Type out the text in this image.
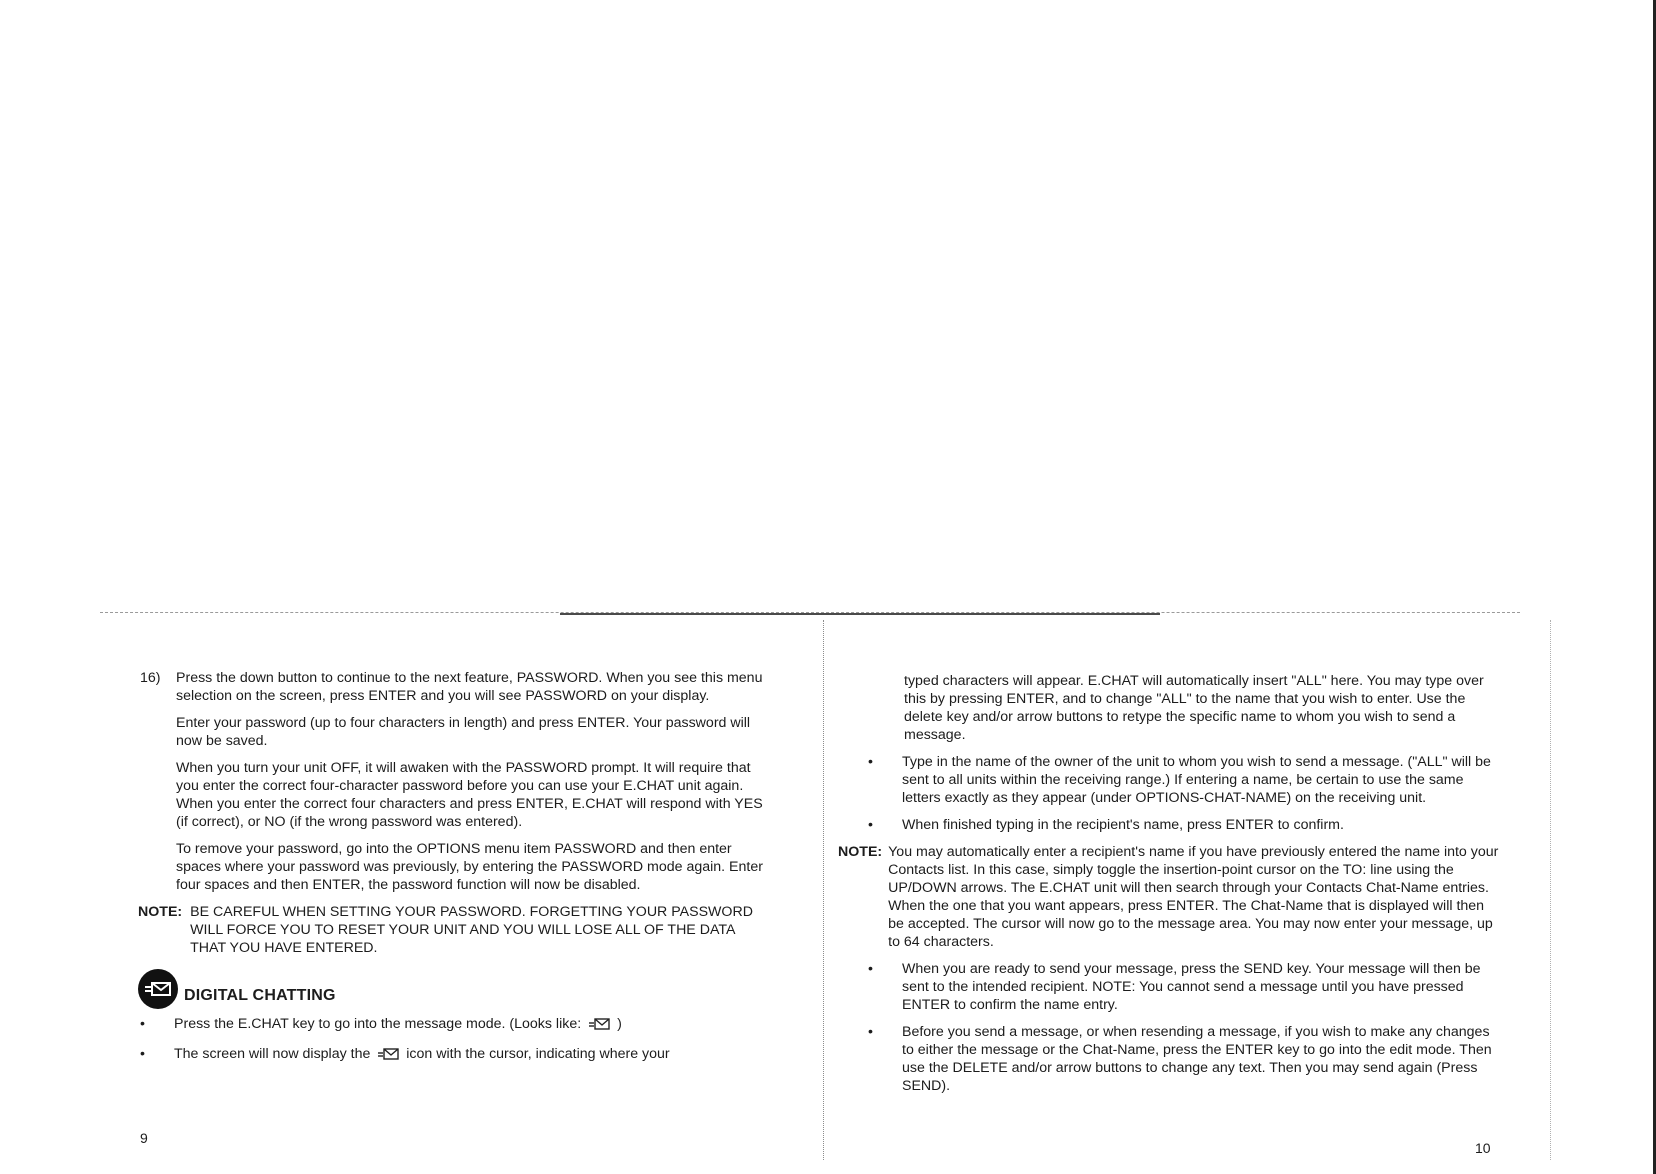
16)	Press the down button to continue to the next feature, PASSWORD. When you see this menu selection on the screen, press ENTER and you will see PASSWORD on your display.

Enter your password (up to four characters in length) and press ENTER. Your password will now be saved.

When you turn your unit OFF, it will awaken with the PASSWORD prompt. It will require that you enter the correct four-character password before you can use your E.CHAT unit again. When you enter the correct four characters and press ENTER, E.CHAT will respond with YES (if correct), or NO (if the wrong password was entered).

To remove your password, go into the OPTIONS menu item PASSWORD and then enter spaces where your password was previously, by entering the PASSWORD mode again. Enter four spaces and then ENTER, the password function will now be disabled.

NOTE: BE CAREFUL WHEN SETTING YOUR PASSWORD. FORGETTING YOUR PASSWORD WILL FORCE YOU TO RESET YOUR UNIT AND YOU WILL LOSE ALL OF THE DATA THAT YOU HAVE ENTERED.
DIGITAL CHATTING
• Press the E.CHAT key to go into the message mode. (Looks like:	)
• The screen will now display the	icon with the cursor, indicating where your
9

typed characters will appear. E.CHAT will automatically insert "ALL" here. You may type over this by pressing ENTER, and to change "ALL" to the name that you wish to enter. Use the delete key and/or arrow buttons to retype the specific name to whom you wish to send a message.

• Type in the name of the owner of the unit to whom you wish to send a message. ("ALL" will be sent to all units within the receiving range.) If entering a name, be certain to use the same letters exactly as they appear (under OPTIONS-CHAT-NAME) on the receiving unit.
• When finished typing in the recipient's name, press ENTER to confirm.
NOTE: You may automatically enter a recipient's name if you have previously entered the name into your Contacts list. In this case, simply toggle the insertion-point cursor on the TO: line using the UP/DOWN arrows. The E.CHAT unit will then search through your Contacts Chat-Name entries. When the one that you want appears, press ENTER. The Chat-Name that is displayed will then be accepted. The cursor will now go to the message area. You may now enter your message, up to 64 characters.
• When you are ready to send your message, press the SEND key. Your message will then be sent to the intended recipient. NOTE: You cannot send a message until you have pressed ENTER to confirm the name entry.
• Before you send a message, or when resending a message, if you wish to make any changes to either the message or the Chat-Name, press the ENTER key to go into the edit mode. Then use the DELETE and/or arrow buttons to change any text. Then you may send again (Press SEND).
10
